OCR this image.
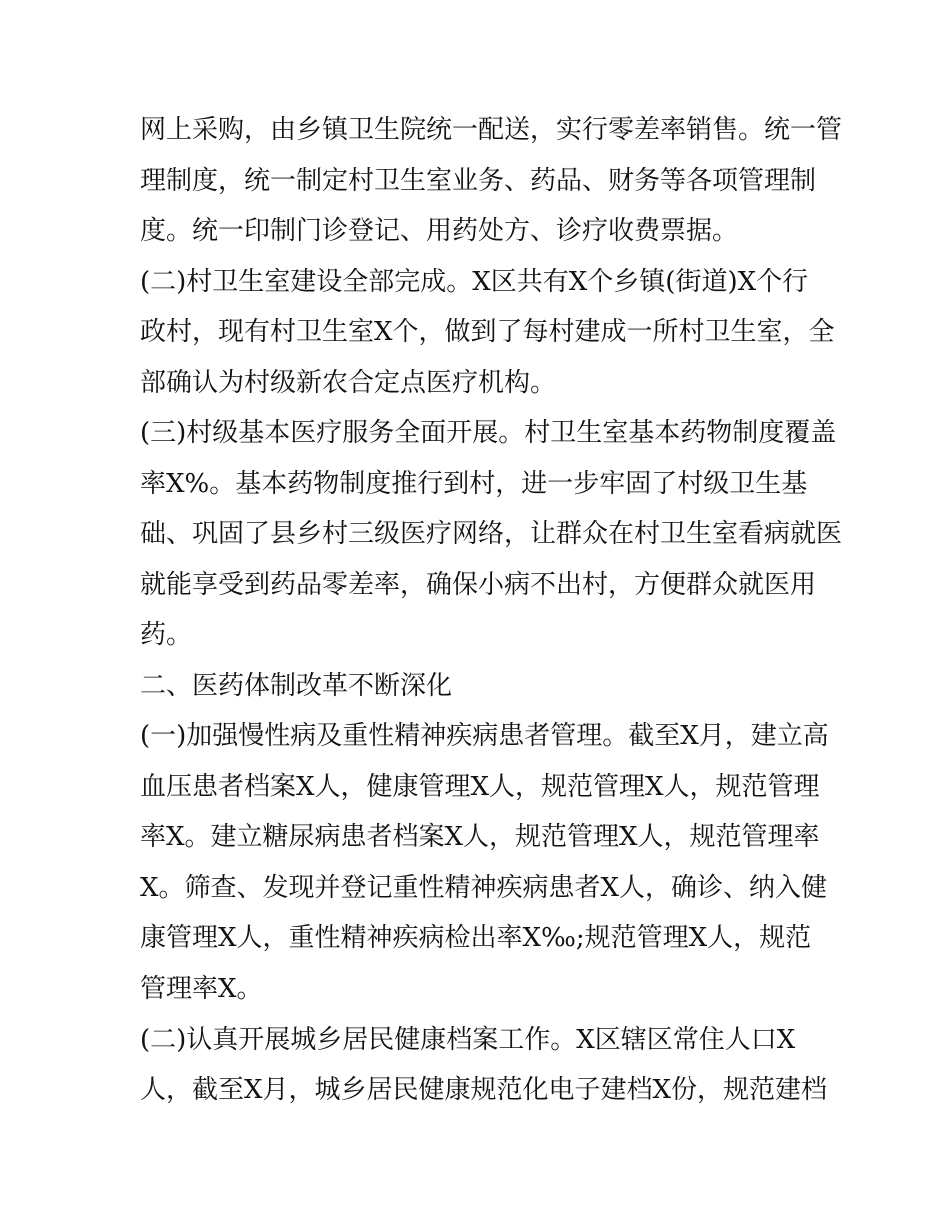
网上采购，由乡镇卫生院统一配送，实行零差率销售。统一管
理制度，统一制定村卫生室业务、药品、财务等各项管理制
度。统一印制门诊登记、用药处方、诊疗收费票据。
(二)村卫生室建设全部完成。X区共有X个乡镇(街道)X个行
政村，现有村卫生室X个，做到了每村建成一所村卫生室，全
部确认为村级新农合定点医疗机构。
(三)村级基本医疗服务全面开展。村卫生室基本药物制度覆盖
率X%。基本药物制度推行到村，进一步牢固了村级卫生基
础、巩固了县乡村三级医疗网络，让群众在村卫生室看病就医
就能享受到药品零差率，确保小病不出村，方便群众就医用
药。
二、医药体制改革不断深化
(一)加强慢性病及重性精神疾病患者管理。截至X月，建立高
血压患者档案X人，健康管理X人，规范管理X人，规范管理
率X。建立糖尿病患者档案X人，规范管理X人，规范管理率
X。筛查、发现并登记重性精神疾病患者X人，确诊、纳入健
康管理X人，重性精神疾病检出率X‰;规范管理X人，规范
管理率X。
(二)认真开展城乡居民健康档案工作。X区辖区常住人口X
人，截至X月，城乡居民健康规范化电子建档X份，规范建档
